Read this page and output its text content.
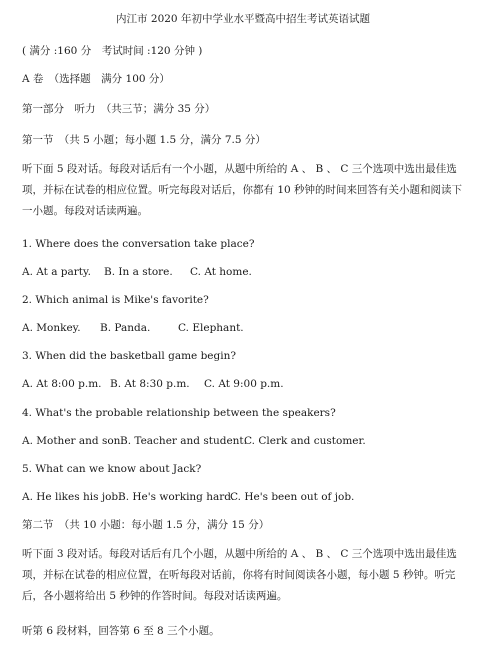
内江市 2020 年初中学业水平暨高中招生考试英语试题
( 满分 :160 分　考试时间 :120 分钟 )
A 卷　（选择题　满分 100 分）
第一部分　听力　（共三节；满分 35 分）
第一节　（共 5 小题；每小题 1.5 分，满分 7.5 分）
听下面 5 段对话。每段对话后有一个小题，从题中所给的 A 、 B 、 C 三个选项中选出最佳选项，并标在试卷的相应位置。听完每段对话后，你都有 10 秒钟的时间来回答有关小题和阅读下一小题。每段对话读两遍。
1. Where does the conversation take place?
A. At a party. B. In a store. C. At home.
2. Which animal is Mike's favorite?
A. Monkey. B. Panda.	C. Elephant.
3. When did the basketball game begin?
A. At 8:00 p.m. B. At 8:30 p.m. C. At 9:00 p.m.
4. What's the probable relationship between the speakers?
A. Mother and son.B. Teacher and student.C. Clerk and customer.
5. What can we know about Jack?
A. He likes his job.B. He's working hard.C. He's been out of job.
第二节　（共 10 小题：每小题 1.5 分，满分 15 分）
听下面 3 段对话。每段对话后有几个小题，从题中所给的 A 、 B 、 C 三个选项中选出最佳选项，并标在试卷的相应位置，在听每段对话前，你将有时间阅读各小题，每小题 5 秒钟。听完后，各小题将给出 5 秒钟的作答时间。每段对话读两遍。
听第 6 段材料，回答第 6 至 8 三个小题。
